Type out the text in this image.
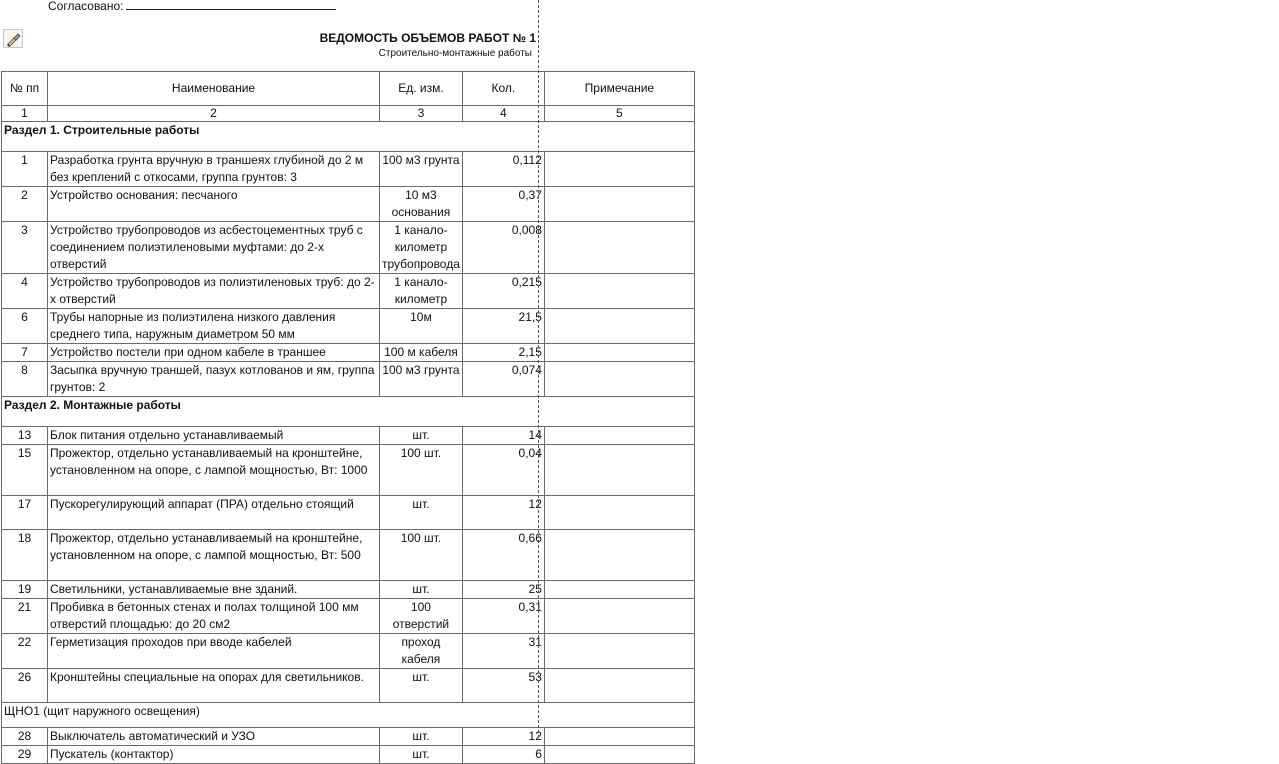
Согласовано:
ВЕДОМОСТЬ ОБЪЕМОВ РАБОТ № 1
Строительно-монтажные работы
№ пп	Наименование	Ед. изм.	Кол.	Примечание
1	2	3	4	5
Раздел 1. Строительные работы				
1	Разработка грунта вручную в траншеях глубиной до 2 м без креплений с откосами, группа грунтов: 3	100 м3 грунта	0,112	
2	Устройство основания: песчаного	10 м3 основания	0,37	
3	Устройство трубопроводов из асбестоцементных труб с соединением полиэтиленовыми муфтами: до 2-х отверстий	1 канало-километр трубопровода	0,008	
4	Устройство трубопроводов из полиэтиленовых труб: до 2-х отверстий	1 канало-километр	0,215	
6	Трубы напорные из полиэтилена низкого давления среднего типа, наружным диаметром 50 мм	10м	21,5	
7	Устройство постели при одном кабеле в траншее	100 м кабеля	2,15	
8	Засыпка вручную траншей, пазух котлованов и ям, группа грунтов: 2	100 м3 грунта	0,074	
Раздел 2. Монтажные работы				
13	Блок питания отдельно устанавливаемый	шт.	14	
15	Прожектор, отдельно устанавливаемый на кронштейне, установленном на опоре, с лампой мощностью, Вт: 1000	100 шт.	0,04	
17	Пускорегулирующий аппарат (ПРА) отдельно стоящий	шт.	12	
18	Прожектор, отдельно устанавливаемый на кронштейне, установленном на опоре, с лампой мощностью, Вт: 500	100 шт.	0,66	
19	Светильники, устанавливаемые вне зданий.	шт.	25	
21	Пробивка в бетонных стенах и полах толщиной 100 мм отверстий площадью: до 20 см2	100 отверстий	0,31	
22	Герметизация проходов при вводе кабелей	проход кабеля	31	
26	Кронштейны специальные на опорах для светильников.	шт.	53	
ЩНО1 (щит наружного освещения)				
28	Выключатель автоматический и УЗО	шт.	12	
29	Пускатель (контактор)	шт.	6	
